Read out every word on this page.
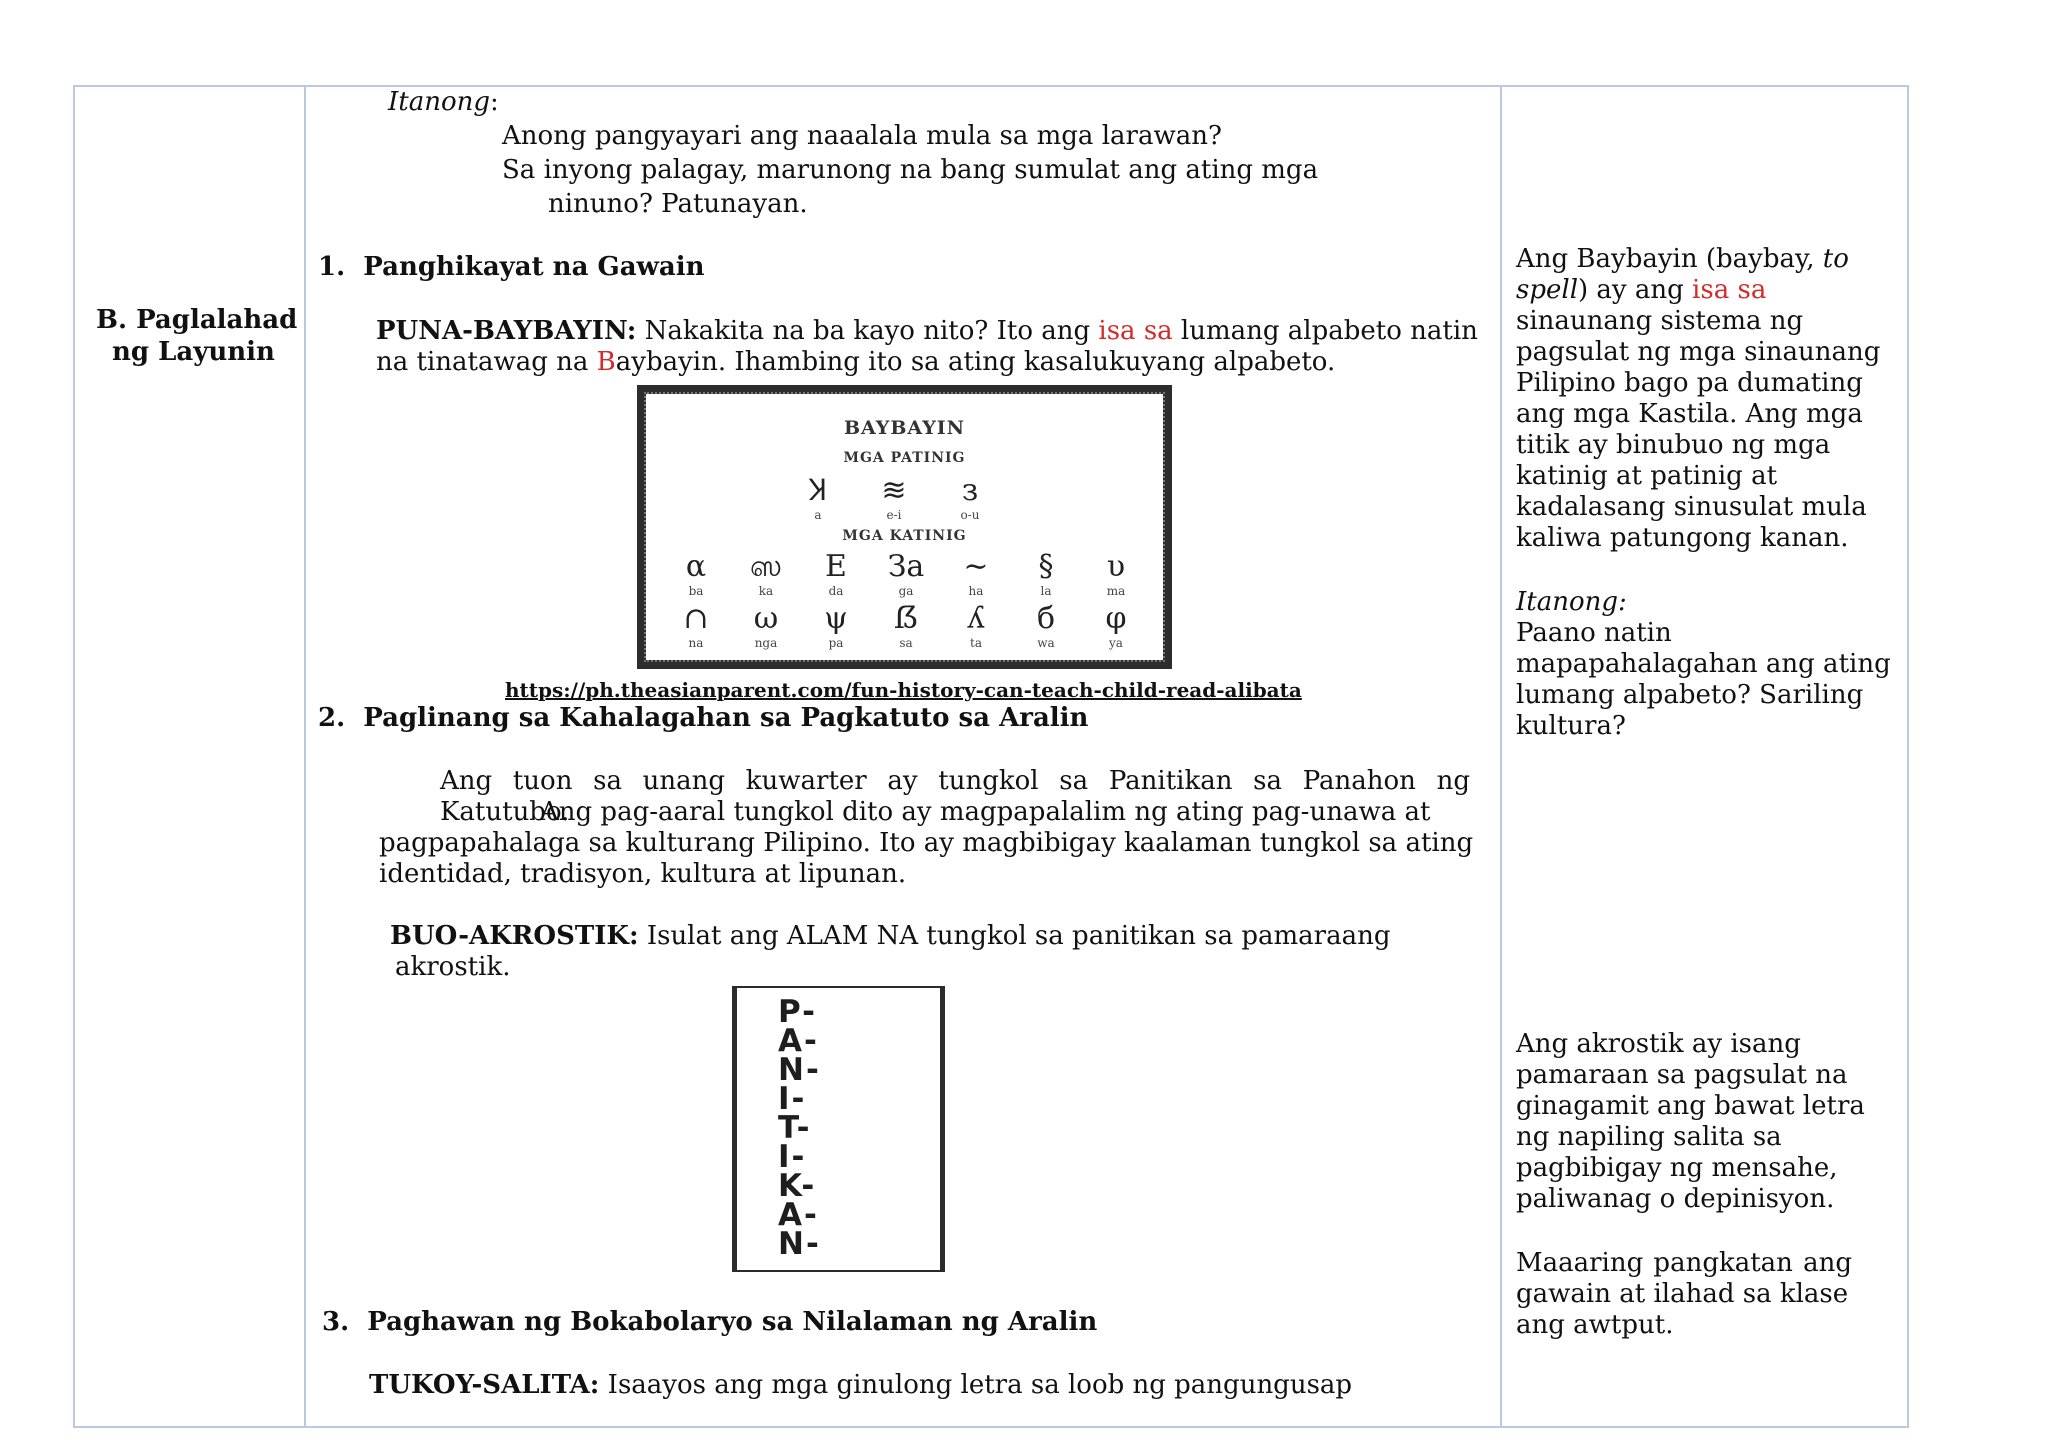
B. Paglalahad
ng Layunin
Itanong:
Anong pangyayari ang naaalala mula sa mga larawan?
Sa inyong palagay, marunong na bang sumulat ang ating mga
ninuno? Patunayan.
1.  Panghikayat na Gawain
PUNA-BAYBAYIN: Nakakita na ba kayo nito? Ito ang isa sa lumang alpabeto natin
na tinatawag na Baybayin. Ihambing ito sa ating kasalukuyang alpabeto.
BAYBAYIN
MGA PATINIG
Ʞ
a
≋
e-i
з
o-u
MGA KATINIG
α
ba
ஸ
ka
Е
da
За
ga
∼
ha
§
la
υ
ma
∩
na
ω
nga
ψ
pa
ẞ
sa
ʎ
ta
б
wa
φ
ya
https://ph.theasianparent.com/fun-history-can-teach-child-read-alibata
2.  Paglinang sa Kahalagahan sa Pagkatuto sa Aralin
Ang tuon sa unang kuwarter ay tungkol sa Panitikan sa Panahon ng Katutubo.
Ang pag-aaral tungkol dito ay magpapalalim ng ating pag-unawa at
pagpapahalaga sa kulturang Pilipino. Ito ay magbibigay kaalaman tungkol sa ating
identidad, tradisyon, kultura at lipunan.
BUO-AKROSTIK: Isulat ang ALAM NA tungkol sa panitikan sa pamaraang
akrostik.
P-
A-
N-
I-
T-
I-
K-
A-
N-
3.  Paghawan ng Bokabolaryo sa Nilalaman ng Aralin
TUKOY-SALITA: Isaayos ang mga ginulong letra sa loob ng pangungusap
Ang Baybayin (baybay, to
spell) ay ang isa sa
sinaunang sistema ng
pagsulat ng mga sinaunang
Pilipino bago pa dumating
ang mga Kastila. Ang mga
titik ay binubuo ng mga
katinig at patinig at
kadalasang sinusulat mula
kaliwa patungong kanan.
Itanong:
Paano natin
mapapahalagahan ang ating
lumang alpabeto? Sariling
kultura?
Ang akrostik ay isang
pamaraan sa pagsulat na
ginagamit ang bawat letra
ng napiling salita sa
pagbibigay ng mensahe,
paliwanag o depinisyon.
Maaaring pangkatan ang
gawain at ilahad sa klase
ang awtput.
